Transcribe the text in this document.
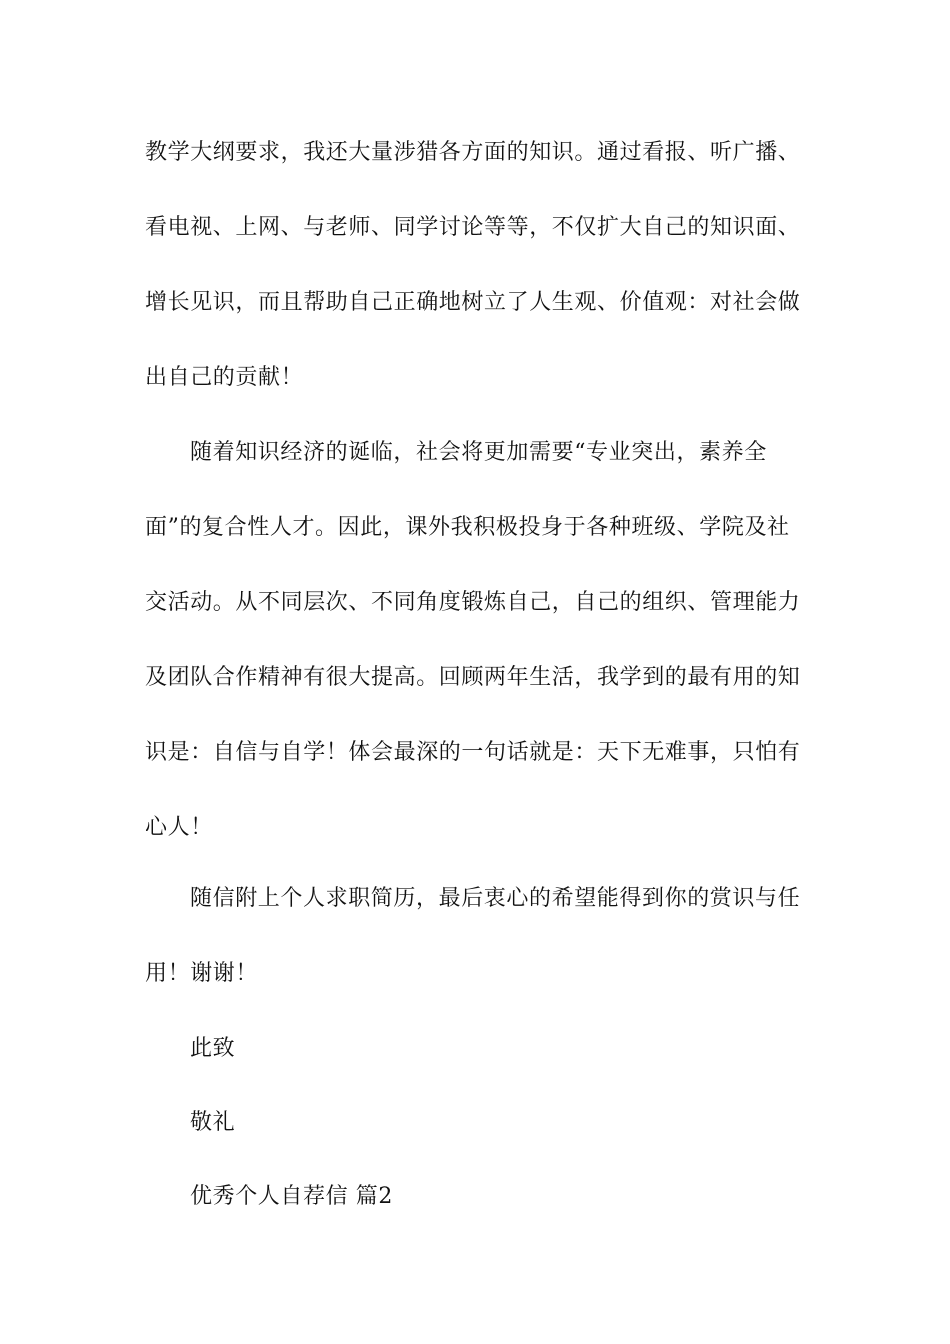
教学大纲要求，我还大量涉猎各方面的知识。通过看报、听广播、
看电视、上网、与老师、同学讨论等等，不仅扩大自己的知识面、
增长见识，而且帮助自己正确地树立了人生观、价值观：对社会做
出自己的贡献！
随着知识经济的诞临，社会将更加需要“专业突出，素养全
面”的复合性人才。因此，课外我积极投身于各种班级、学院及社
交活动。从不同层次、不同角度锻炼自己，自己的组织、管理能力
及团队合作精神有很大提高。回顾两年生活，我学到的最有用的知
识是：自信与自学！体会最深的一句话就是：天下无难事，只怕有
心人！
随信附上个人求职简历，最后衷心的希望能得到你的赏识与任
用！谢谢！
此致
敬礼
优秀个人自荐信 篇2
